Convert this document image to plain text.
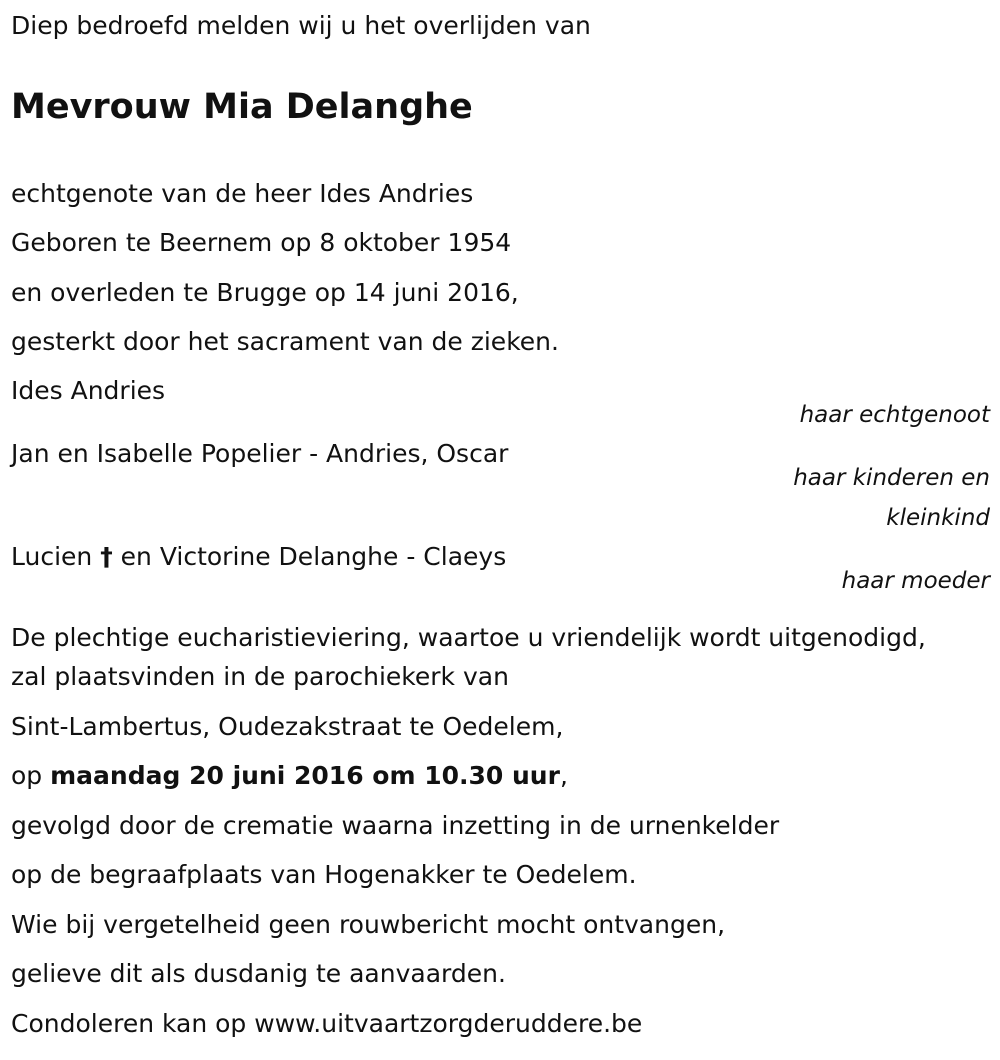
Diep bedroefd melden wij u het overlijden van
Mevrouw Mia Delanghe
echtgenote van de heer Ides Andries
Geboren te Beernem op 8 oktober 1954
en overleden te Brugge op 14 juni 2016,
gesterkt door het sacrament van de zieken.
Ides Andries
haar echtgenoot
Jan en Isabelle Popelier - Andries, Oscar
haar kinderen en
kleinkind
Lucien † en Victorine Delanghe - Claeys
haar moeder
De plechtige eucharistieviering, waartoe u vriendelijk wordt uitgenodigd,
zal plaatsvinden in de parochiekerk van
Sint-Lambertus, Oudezakstraat te Oedelem,
op maandag 20 juni 2016 om 10.30 uur,
gevolgd door de crematie waarna inzetting in de urnenkelder
op de begraafplaats van Hogenakker te Oedelem.
Wie bij vergetelheid geen rouwbericht mocht ontvangen,
gelieve dit als dusdanig te aanvaarden.
Condoleren kan op www.uitvaartzorgderuddere.be
